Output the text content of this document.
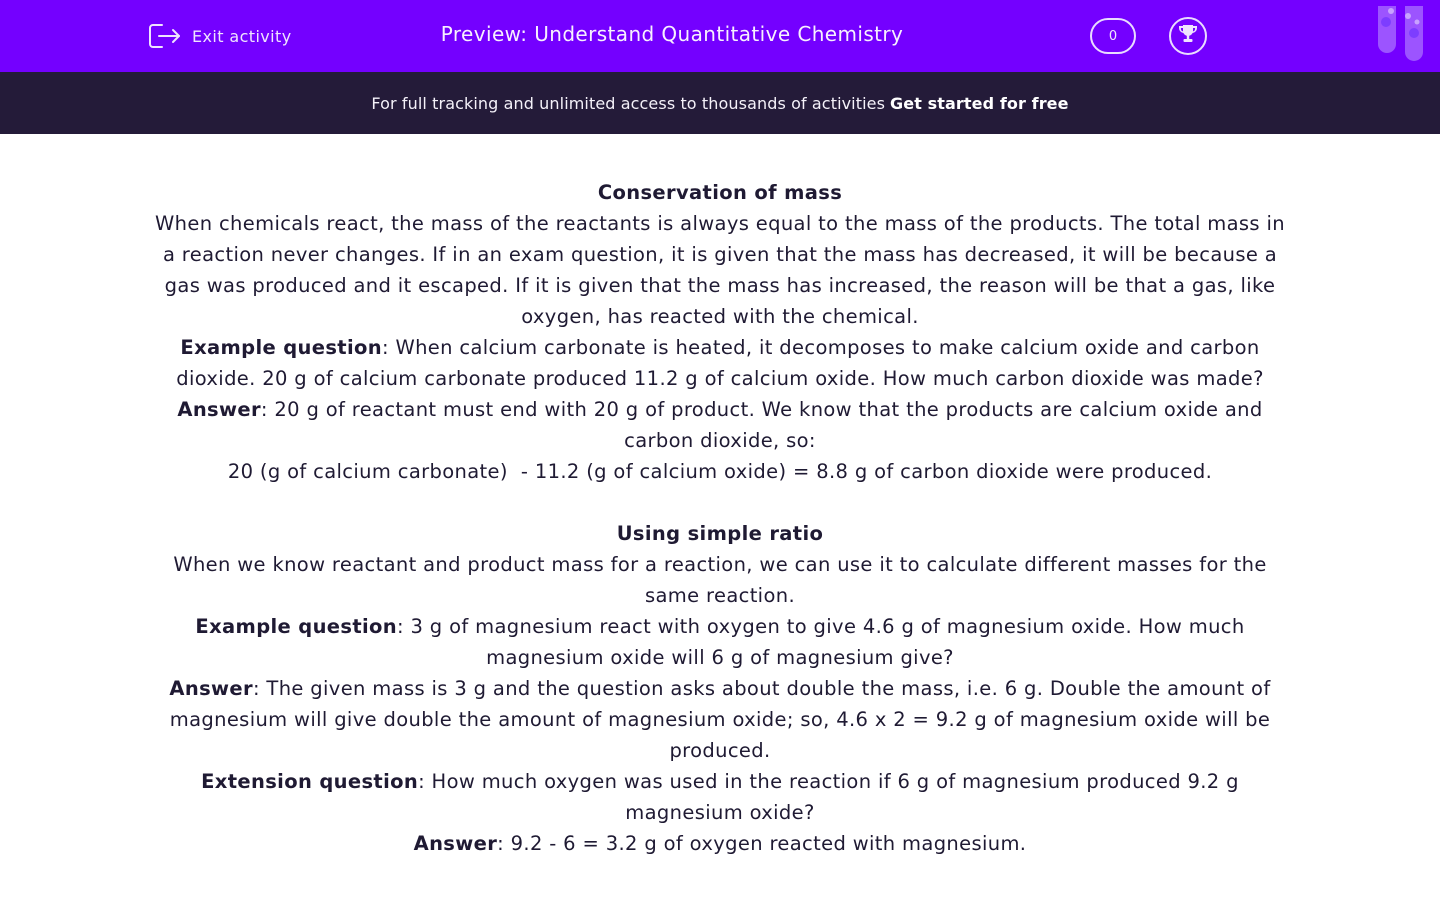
Exit activity	Preview: Understand Quantitative Chemistry	0
For full tracking and unlimited access to thousands of activities Get started for free

Conservation of mass

When chemicals react, the mass of the reactants is always equal to the mass of the products. The total mass in a reaction never changes. If in an exam question, it is given that the mass has decreased, it will be because a gas was produced and it escaped. If it is given that the mass has increased, the reason will be that a gas, like oxygen, has reacted with the chemical.

Example question: When calcium carbonate is heated, it decomposes to make calcium oxide and carbon dioxide. 20 g of calcium carbonate produced 11.2 g of calcium oxide. How much carbon dioxide was made?

Answer: 20 g of reactant must end with 20 g of product. We know that the products are calcium oxide and carbon dioxide, so:

20 (g of calcium carbonate)  - 11.2 (g of calcium oxide) = 8.8 g of carbon dioxide were produced.

Using simple ratio

When we know reactant and product mass for a reaction, we can use it to calculate different masses for the same reaction.

Example question: 3 g of magnesium react with oxygen to give 4.6 g of magnesium oxide. How much magnesium oxide will 6 g of magnesium give?

Answer: The given mass is 3 g and the question asks about double the mass, i.e. 6 g. Double the amount of magnesium will give double the amount of magnesium oxide; so, 4.6 x 2 = 9.2 g of magnesium oxide will be produced.

Extension question: How much oxygen was used in the reaction if 6 g of magnesium produced 9.2 g magnesium oxide?

Answer: 9.2 - 6 = 3.2 g of oxygen reacted with magnesium.
